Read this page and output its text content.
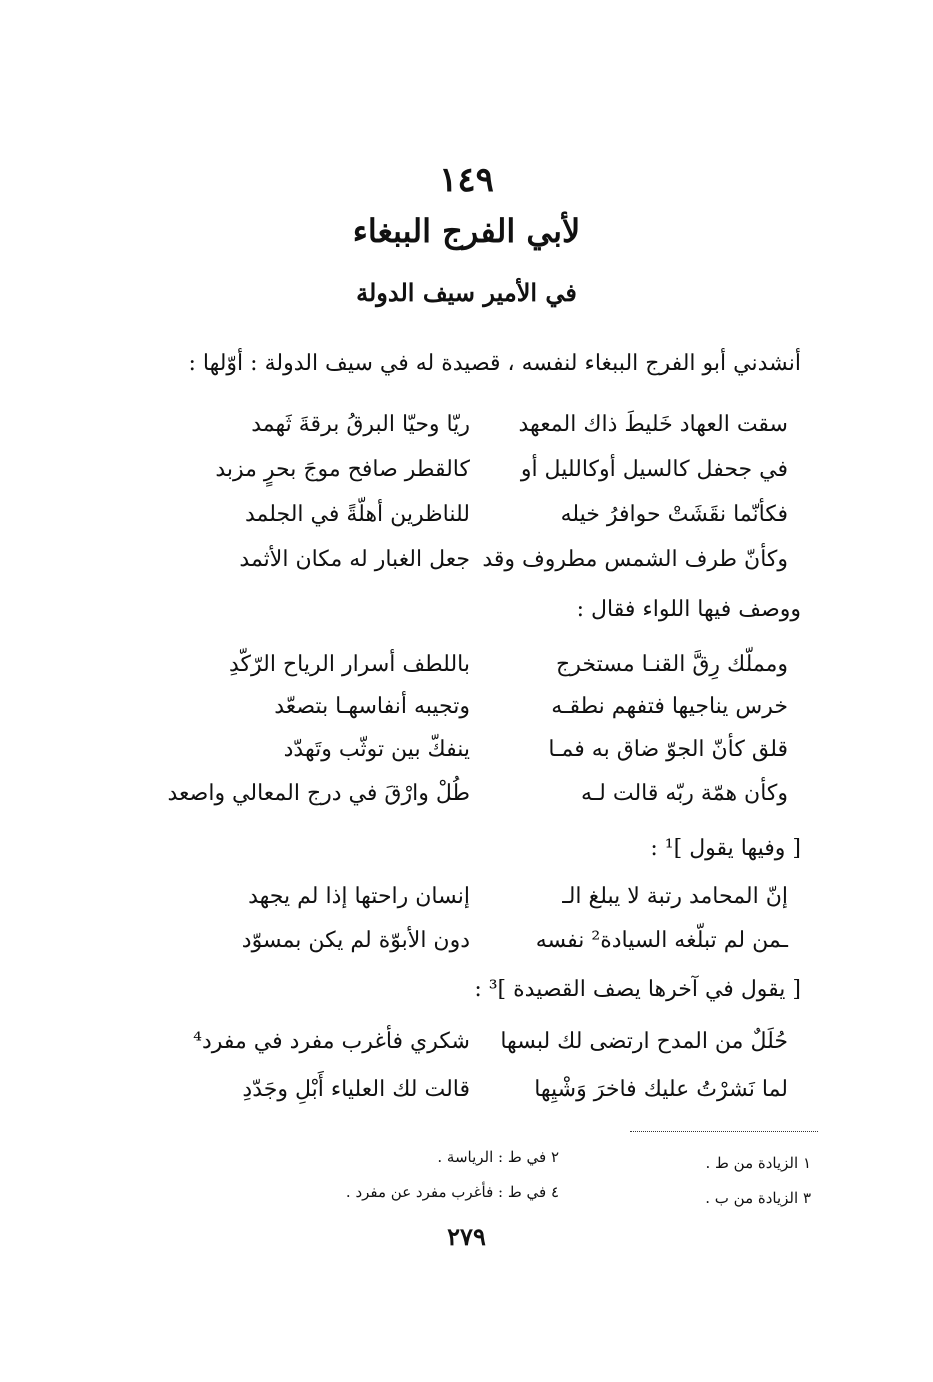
١٤٩
لأبي الفرج الببغاء
في الأمير سيف الدولة
أنشدني أبو الفرج الببغاء لنفسه ، قصيدة له في سيف الدولة : أوّلها :
سقت العهاد خَليطَ ذاك المعهد
ريّا وحيّا البرقُ برقةَ ثَهمد
في جحفل كالسيل أوكالليل أو
كالقطر صافح موجَ بحرٍ مزبد
فكأنّما نقَشَتْ حوافرُ خيله
للناظرين أهلّةً في الجلمد
وكأنّ طرف الشمس مطروف وقد
جعل الغبار له مكان الأثمد
ووصف فيها اللواء فقال :
ومملّك رِقَّ القنـا مستخرج
باللطف أسرار الرياح الرّكّدِ
خرس يناجيها فتفهم نطقـه
وتجيبه أنفاسهـا بتصعّد
قلق كأنّ الجوّ ضاق به فمـا
ينفكّ بين توثّب وتَهدّد
وكأن همّة ربّه قالت لـه
طُلْ وارْقَ في درج المعالي واصعد
[ وفيها يقول ]¹ :
إنّ المحامد رتبة لا يبلغ الـ
إنسان راحتها إذا لم يجهد
ـمن لم تبلّغه السيادة² نفسه
دون الأبوّة لم يكن بمسوّد
[ يقول في آخرها يصف القصيدة ]³ :
حُلَلٌ من المدح ارتضى لك لبسها
شكري فأغرب مفرد في مفرد⁴
لما نَشرْتُ عليك فاخرَ وَشْيِها
قالت لك العلياء أَبْلِ وجَدّدِ
١ الزيادة من ط .
٢ في ط : الرياسة .
٣ الزيادة من ب .
٤ في ط : فأغرب مفرد عن مفرد .
٢٧٩
